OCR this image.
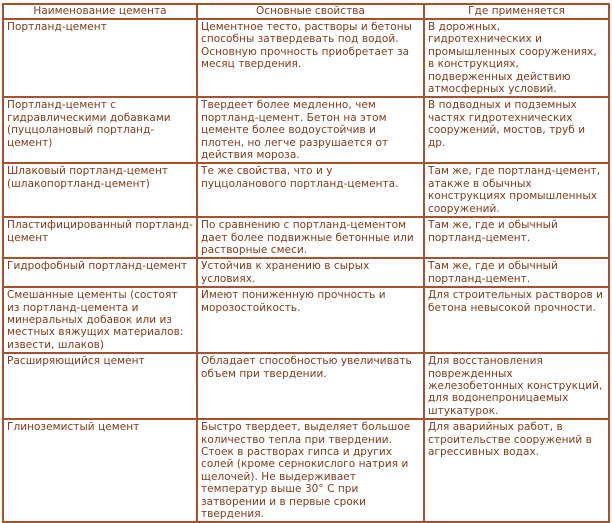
Наименование цемента	Основные свойства	Где применяется
Портланд-цемент	Цементное тесто, растворы и бетоны способны затвердевать под водой. Основную прочность приобретает за месяц твердения.	В дорожных, гидротехнических и промышленных сооружениях, в конструкциях, подверженных действию атмосферных условий.
Портланд-цемент с гидравлическими добавками (пуццолановый портланд-цемент)	Твердеет более медленно, чем портланд-цемент. Бетон на этом цементе более водоустойчив и плотен, но легче разрушается от действия мороза.	В подводных и подземных частях гидротехнических сооружений, мостов, труб и др.
Шлаковый портланд-цемент (шлакопортланд-цемент)	Те же свойства, что и у пуццоланового портланд-цемента.	Там же, где портланд-цемент, атакже в обычных конструкциях промышленных сооружений.
Пластифицированный портланд-цемент	По сравнению с портланд-цементом дает более подвижные бетонные или растворные смеси.	Там же, где и обычный портланд-цемент.
Гидрофобный портланд-цемент	Устойчив к хранению в сырых условиях.	Там же, где и обычный портланд-цемент.
Смешанные цементы (состоят из портланд-цемента и минеральных добавок или из местных вяжущих материалов: извести, шлаков)	Имеют пониженную прочность и морозостойкость.	Для строительных растворов и бетона невысокой прочности.
Расширяющийся цемент	Обладает способностью увеличивать объем при твердении.	Для восстановления поврежденных железобетонных конструкций, для водонепроницаемых штукатурок.
Глиноземистый цемент	Быстро твердеет, выделяет большое количество тепла при твердении. Стоек в растворах гипса и других солей (кроме сернокислого натрия и щелочей). Не выдерживает температур выше 30° С при затворении и в первые сроки твердения.	Для аварийных работ, в строительстве сооружений в агрессивных водах.
